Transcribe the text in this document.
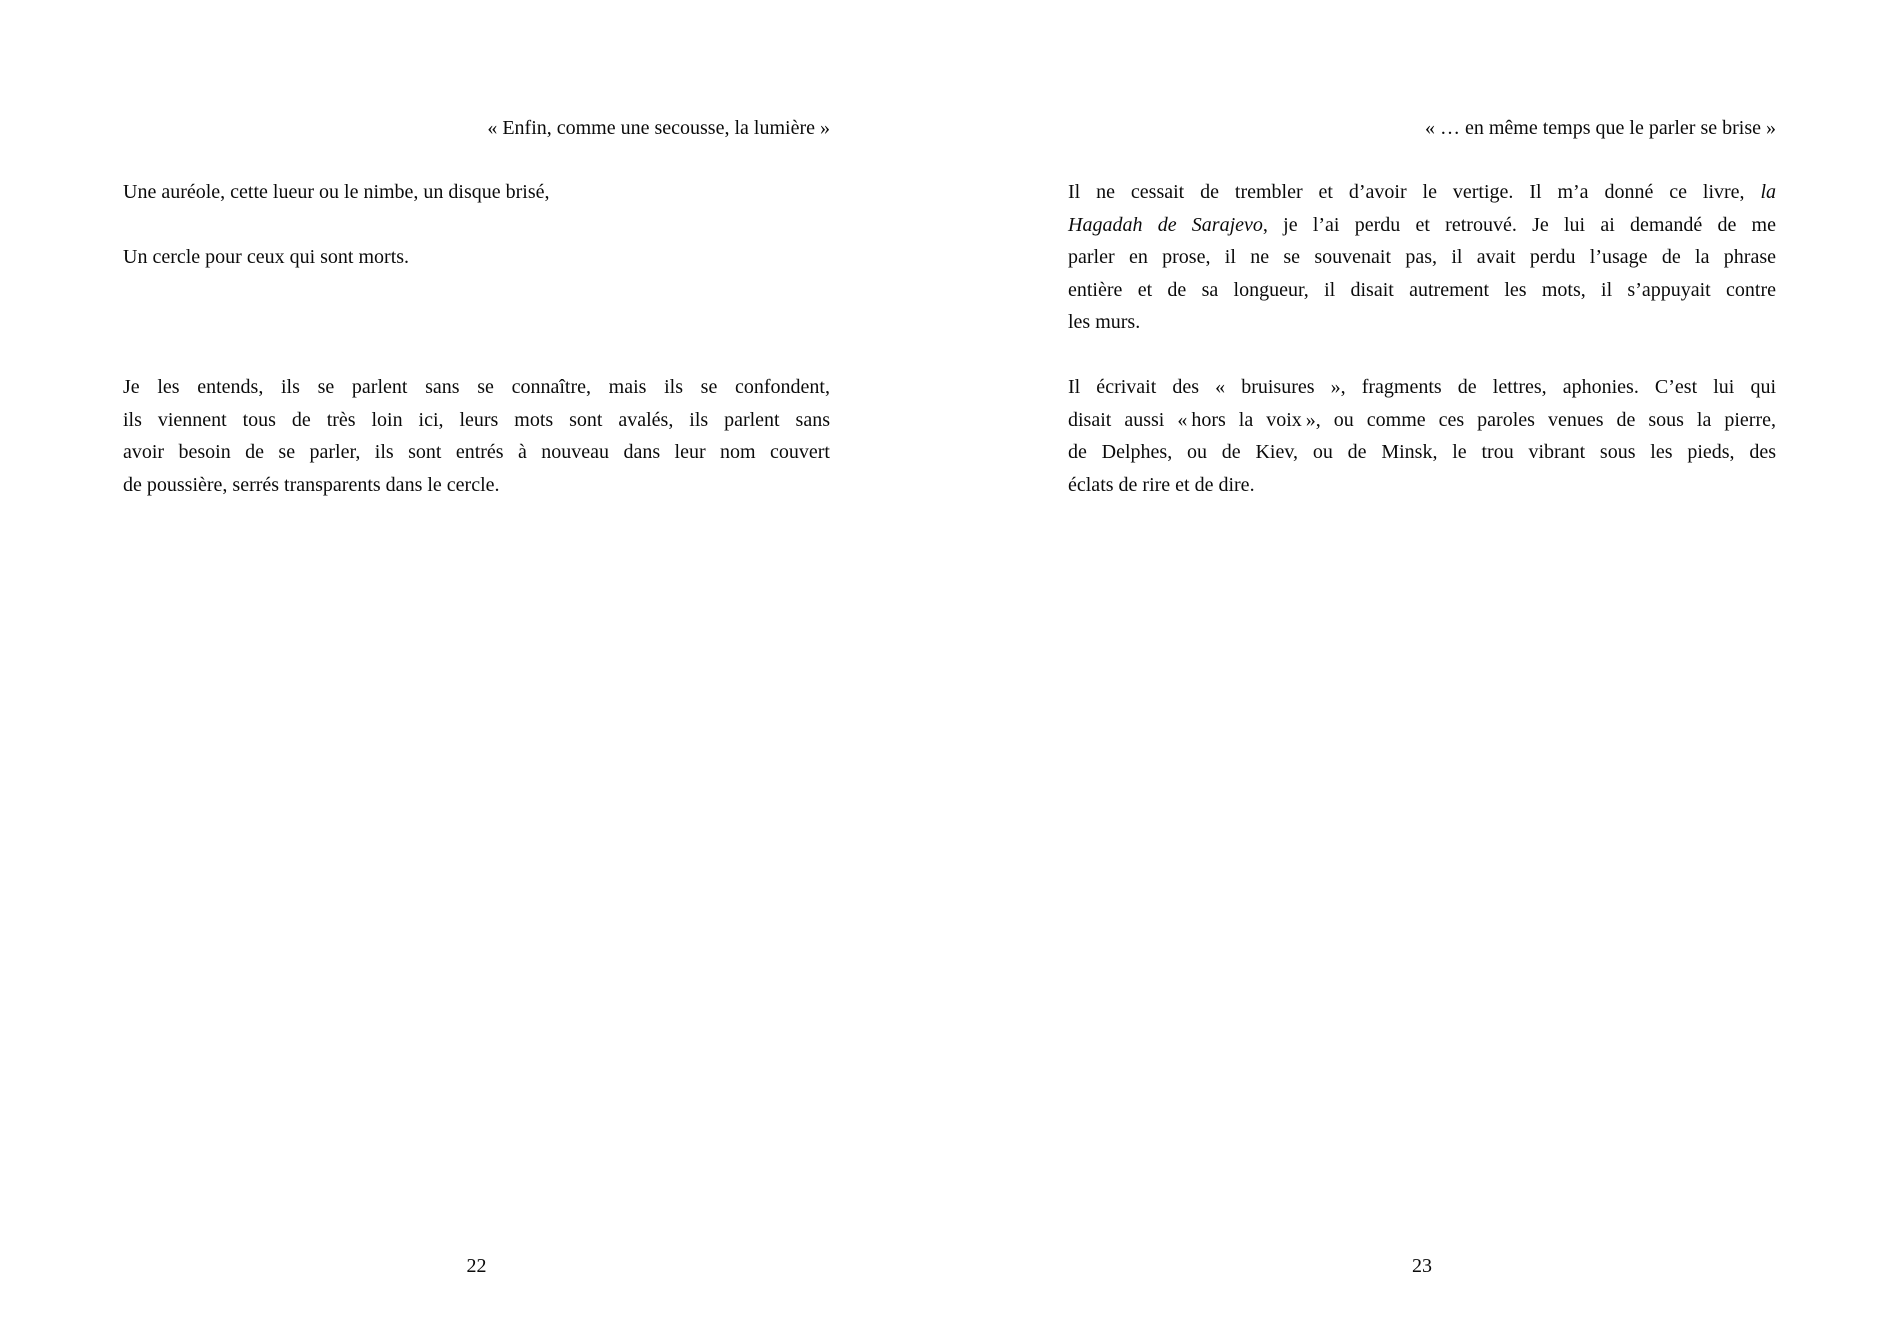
« Enfin, comme une secousse, la lumière »
Une auréole, cette lueur ou le nimbe, un disque brisé,
Un cercle pour ceux qui sont morts.
Je les entends, ils se parlent sans se connaître, mais ils se confondent,
ils viennent tous de très loin ici, leurs mots sont avalés, ils parlent sans
avoir besoin de se parler, ils sont entrés à nouveau dans leur nom couvert
de poussière, serrés transparents dans le cercle.
22
« … en même temps que le parler se brise »
Il ne cessait de trembler et d’avoir le vertige. Il m’a donné ce livre, la
Hagadah de Sarajevo, je l’ai perdu et retrouvé. Je lui ai demandé de me
parler en prose, il ne se souvenait pas, il avait perdu l’usage de la phrase
entière et de sa longueur, il disait autrement les mots, il s’appuyait contre
les murs.
Il écrivait des « bruisures », fragments de lettres, aphonies. C’est lui qui
disait aussi « hors la voix », ou comme ces paroles venues de sous la pierre,
de Delphes, ou de Kiev, ou de Minsk, le trou vibrant sous les pieds, des
éclats de rire et de dire.
23
